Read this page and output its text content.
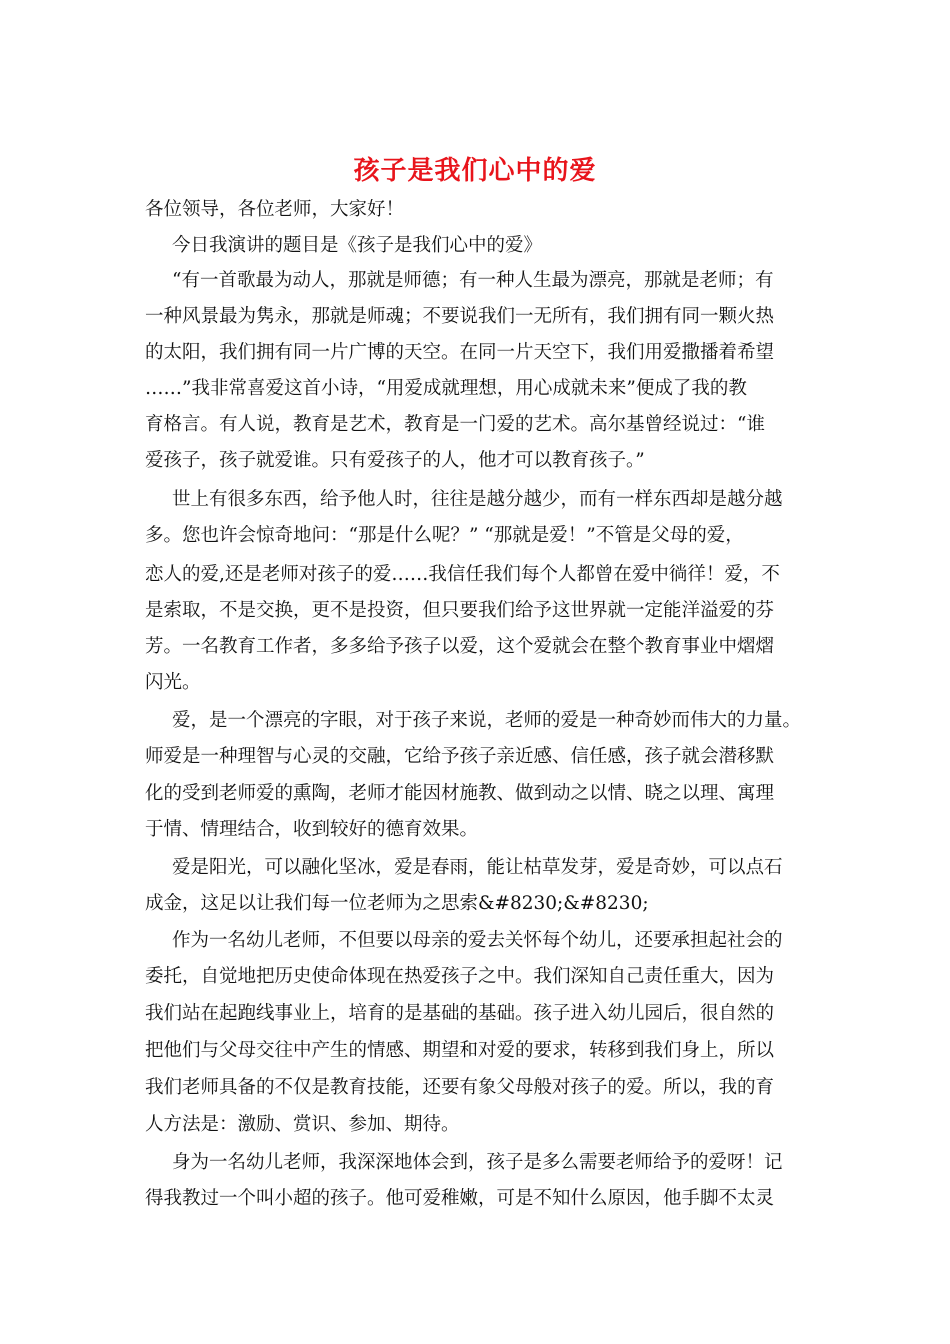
孩子是我们心中的爱
各位领导，各位老师，大家好！
今日我演讲的题目是《孩子是我们心中的爱》
“有一首歌最为动人，那就是师德；有一种人生最为漂亮，那就是老师；有
一种风景最为隽永，那就是师魂；不要说我们一无所有，我们拥有同一颗火热
的太阳，我们拥有同一片广博的天空。在同一片天空下，我们用爱撒播着希望
……”我非常喜爱这首小诗，“用爱成就理想，用心成就未来”便成了我的教
育格言。有人说，教育是艺术，教育是一门爱的艺术。高尔基曾经说过：“谁
爱孩子，孩子就爱谁。只有爱孩子的人，他才可以教育孩子。”
世上有很多东西，给予他人时，往往是越分越少，而有一样东西却是越分越
多。您也许会惊奇地问：“那是什么呢？” “那就是爱！”不管是父母的爱，
恋人的爱,还是老师对孩子的爱……我信任我们每个人都曾在爱中徜徉！爱，不
是索取，不是交换，更不是投资，但只要我们给予这世界就一定能洋溢爱的芬
芳。一名教育工作者，多多给予孩子以爱，这个爱就会在整个教育事业中熠熠
闪光。
爱，是一个漂亮的字眼，对于孩子来说，老师的爱是一种奇妙而伟大的力量。
师爱是一种理智与心灵的交融，它给予孩子亲近感、信任感，孩子就会潜移默
化的受到老师爱的熏陶，老师才能因材施教、做到动之以情、晓之以理、寓理
于情、情理结合，收到较好的德育效果。
爱是阳光，可以融化坚冰，爱是春雨，能让枯草发芽，爱是奇妙，可以点石
成金，这足以让我们每一位老师为之思索&#8230;&#8230;
作为一名幼儿老师，不但要以母亲的爱去关怀每个幼儿，还要承担起社会的
委托，自觉地把历史使命体现在热爱孩子之中。我们深知自己责任重大，因为
我们站在起跑线事业上，培育的是基础的基础。孩子进入幼儿园后，很自然的
把他们与父母交往中产生的情感、期望和对爱的要求，转移到我们身上，所以
我们老师具备的不仅是教育技能，还要有象父母般对孩子的爱。所以，我的育
人方法是：激励、赏识、参加、期待。
身为一名幼儿老师，我深深地体会到，孩子是多么需要老师给予的爱呀！记
得我教过一个叫小超的孩子。他可爱稚嫩，可是不知什么原因，他手脚不太灵
